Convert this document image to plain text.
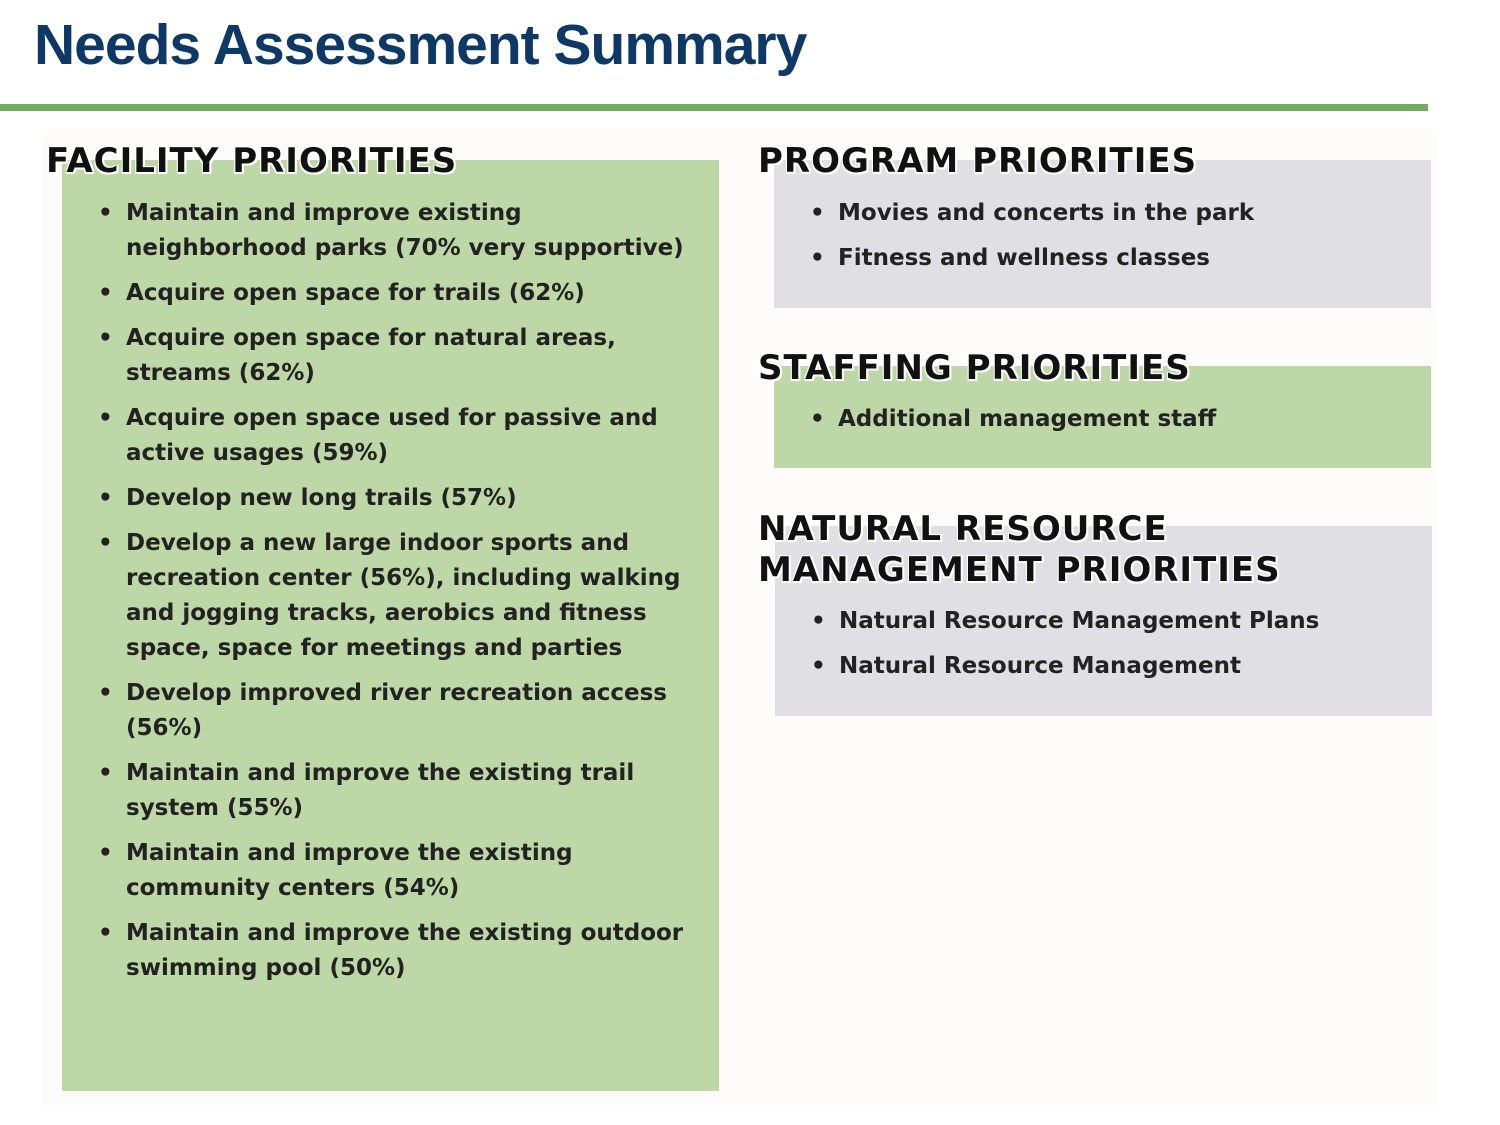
Needs Assessment Summary
FACILITY PRIORITIES
• Maintain and improve existing neighborhood parks (70% very supportive)
• Acquire open space for trails (62%)
• Acquire open space for natural areas, streams (62%)
• Acquire open space used for passive and active usages (59%)
• Develop new long trails (57%)
• Develop a new large indoor sports and recreation center (56%), including walking and jogging tracks, aerobics and fitness space, space for meetings and parties
• Develop improved river recreation access (56%)
• Maintain and improve the existing trail system (55%)
• Maintain and improve the existing community centers (54%)
• Maintain and improve the existing outdoor swimming pool (50%)
PROGRAM PRIORITIES
• Movies and concerts in the park
• Fitness and wellness classes
STAFFING PRIORITIES
• Additional management staff
NATURAL RESOURCE
MANAGEMENT PRIORITIES
• Natural Resource Management Plans
• Natural Resource Management
